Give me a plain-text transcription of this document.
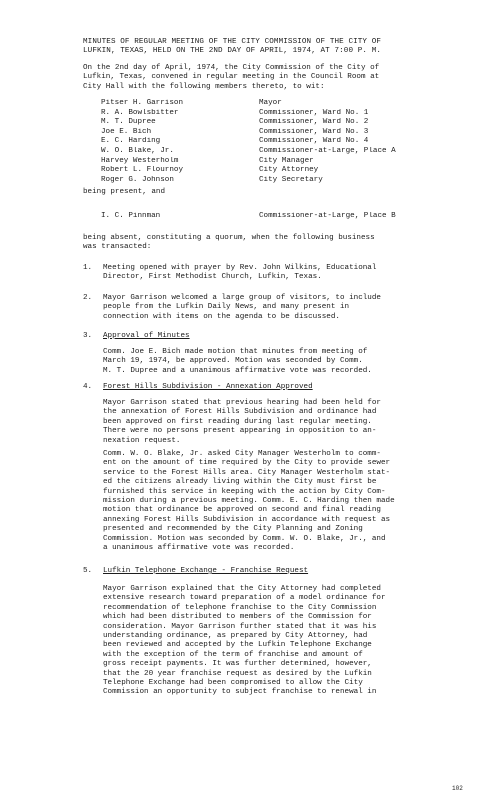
MINUTES OF REGULAR MEETING OF THE CITY COMMISSION OF THE CITY OF
LUFKIN, TEXAS, HELD ON THE 2ND DAY OF APRIL, 1974, AT 7:00 P. M.
On the 2nd day of April, 1974, the City Commission of the City of
Lufkin, Texas, convened in regular meeting in the Council Room at
City Hall with the following members thereto, to wit:
Pitser H. Garrison	Mayor
R. A. Bowlsbitter	Commissioner, Ward No. 1
M. T. Dupree	Commissioner, Ward No. 2
Joe E. Bich	Commissioner, Ward No. 3
E. C. Harding	Commissioner, Ward No. 4
W. O. Blake, Jr.	Commissioner-at-Large, Place A
Harvey Westerholm	City Manager
Robert L. Flournoy	City Attorney
Roger G. Johnson	City Secretary
being present, and
I. C. Pinnman	Commissioner-at-Large, Place B
being absent, constituting a quorum, when the following business
was transacted:
1.	Meeting opened with prayer by Rev. John Wilkins, Educational
Director, First Methodist Church, Lufkin, Texas.
2.	Mayor Garrison welcomed a large group of visitors, to include
people from the Lufkin Daily News, and many present in
connection with items on the agenda to be discussed.
3.	Approval of Minutes
Comm. Joe E. Bich made motion that minutes from meeting of
March 19, 1974, be approved. Motion was seconded by Comm.
M. T. Dupree and a unanimous affirmative vote was recorded.
4.	Forest Hills Subdivision - Annexation Approved
Mayor Garrison stated that previous hearing had been held for
the annexation of Forest Hills Subdivision and ordinance had
been approved on first reading during last regular meeting.
There were no persons present appearing in opposition to an-
nexation request.
Comm. W. O. Blake, Jr. asked City Manager Westerholm to comm-
ent on the amount of time required by the City to provide sewer
service to the Forest Hills area. City Manager Westerholm stat-
ed the citizens already living within the City must first be
furnished this service in keeping with the action by City Com-
mission during a previous meeting. Comm. E. C. Harding then made
motion that ordinance be approved on second and final reading
annexing Forest Hills Subdivision in accordance with request as
presented and recommended by the City Planning and Zoning
Commission. Motion was seconded by Comm. W. O. Blake, Jr., and
a unanimous affirmative vote was recorded.
5.	Lufkin Telephone Exchange - Franchise Request
Mayor Garrison explained that the City Attorney had completed
extensive research toward preparation of a model ordinance for
recommendation of telephone franchise to the City Commission
which had been distributed to members of the Commission for
consideration. Mayor Garrison further stated that it was his
understanding ordinance, as prepared by City Attorney, had
been reviewed and accepted by the Lufkin Telephone Exchange
with the exception of the term of franchise and amount of
gross receipt payments. It was further determined, however,
that the 20 year franchise request as desired by the Lufkin
Telephone Exchange had been compromised to allow the City
Commission an opportunity to subject franchise to renewal in
102
